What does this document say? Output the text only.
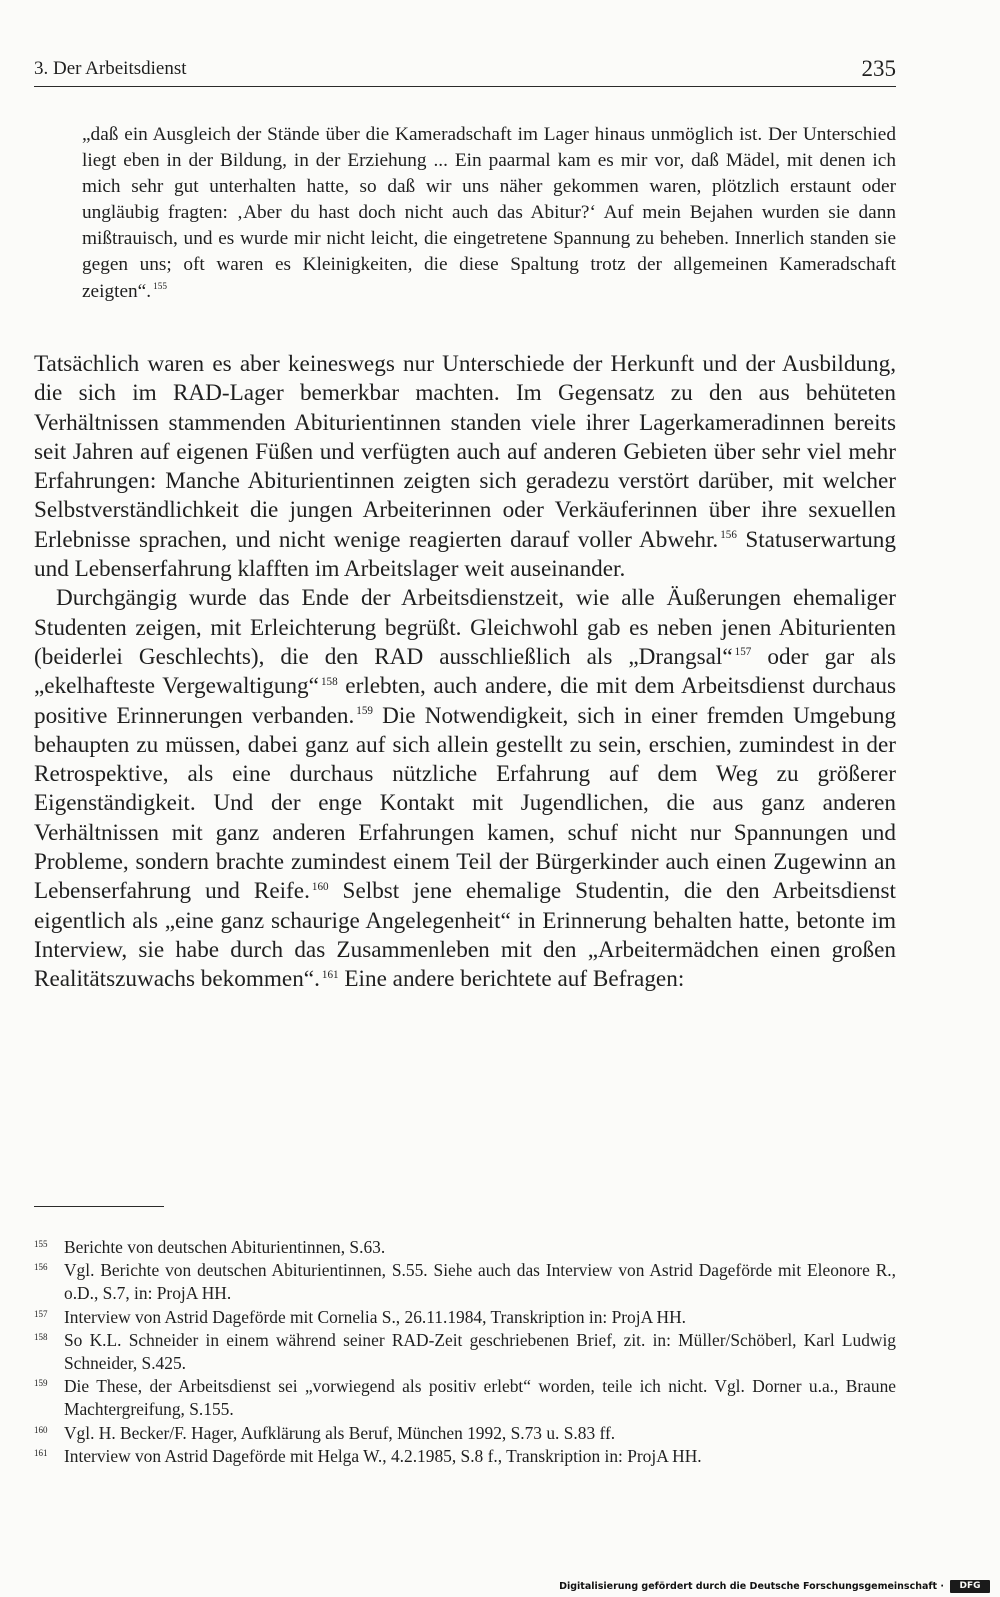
3. Der Arbeitsdienst	235

„daß ein Ausgleich der Stände über die Kameradschaft im Lager hinaus unmöglich ist. Der Unterschied liegt eben in der Bildung, in der Erziehung ... Ein paarmal kam es mir vor, daß Mädel, mit denen ich mich sehr gut unterhalten hatte, so daß wir uns näher gekommen waren, plötzlich erstaunt oder ungläubig fragten: ‚Aber du hast doch nicht auch das Abitur?‘ Auf mein Bejahen wurden sie dann mißtrauisch, und es wurde mir nicht leicht, die eingetretene Spannung zu beheben. Innerlich standen sie gegen uns; oft waren es Kleinigkeiten, die diese Spaltung trotz der allgemeinen Kameradschaft zeigten“. $^{155}$

Tatsächlich waren es aber keineswegs nur Unterschiede der Herkunft und der Ausbildung, die sich im RAD-Lager bemerkbar machten. Im Gegensatz zu den aus behüteten Verhältnissen stammenden Abiturientinnen standen viele ihrer Lagerkameradinnen bereits seit Jahren auf eigenen Füßen und verfügten auch auf anderen Gebieten über sehr viel mehr Erfahrungen: Manche Abiturientinnen zeigten sich geradezu verstört darüber, mit welcher Selbstverständlichkeit die jungen Arbeiterinnen oder Verkäuferinnen über ihre sexuellen Erlebnisse sprachen, und nicht wenige reagierten darauf voller Abwehr. $^{156}$ Statuserwartung und Lebenserfahrung klafften im Arbeitslager weit auseinander.

Durchgängig wurde das Ende der Arbeitsdienstzeit, wie alle Äußerungen ehemaliger Studenten zeigen, mit Erleichterung begrüßt. Gleichwohl gab es neben jenen Abiturienten (beiderlei Geschlechts), die den RAD ausschließlich als „Drangsal“ $^{157}$ oder gar als „ekelhafteste Vergewaltigung“ $^{158}$ erlebten, auch andere, die mit dem Arbeitsdienst durchaus positive Erinnerungen verbanden. $^{159}$ Die Notwendigkeit, sich in einer fremden Umgebung behaupten zu müssen, dabei ganz auf sich allein gestellt zu sein, erschien, zumindest in der Retrospektive, als eine durchaus nützliche Erfahrung auf dem Weg zu größerer Eigenständigkeit. Und der enge Kontakt mit Jugendlichen, die aus ganz anderen Verhältnissen mit ganz anderen Erfahrungen kamen, schuf nicht nur Spannungen und Probleme, sondern brachte zumindest einem Teil der Bürgerkinder auch einen Zugewinn an Lebenserfahrung und Reife. $^{160}$ Selbst jene ehemalige Studentin, die den Arbeitsdienst eigentlich als „eine ganz schaurige Angelegenheit“ in Erinnerung behalten hatte, betonte im Interview, sie habe durch das Zusammenleben mit den „Arbeitermädchen einen großen Realitätszuwachs bekommen“. $^{161}$ Eine andere berichtete auf Befragen:

155 Berichte von deutschen Abiturientinnen, S.63.
156 Vgl. Berichte von deutschen Abiturientinnen, S.55. Siehe auch das Interview von Astrid Dageförde mit Eleonore R., o.D., S.7, in: ProjA HH.
157 Interview von Astrid Dageförde mit Cornelia S., 26.11.1984, Transkription in: ProjA HH.
158 So K.L. Schneider in einem während seiner RAD-Zeit geschriebenen Brief, zit. in: Müller/Schöberl, Karl Ludwig Schneider, S.425.
159 Die These, der Arbeitsdienst sei „vorwiegend als positiv erlebt“ worden, teile ich nicht. Vgl. Dorner u.a., Braune Machtergreifung, S.155.
160 Vgl. H. Becker/F. Hager, Aufklärung als Beruf, München 1992, S.73 u. S.83 ff.
161 Interview von Astrid Dageförde mit Helga W., 4.2.1985, S.8 f., Transkription in: ProjA HH.
Digitalisierung gefördert durch die Deutsche Forschungsgemeinschaft ·	DFG
